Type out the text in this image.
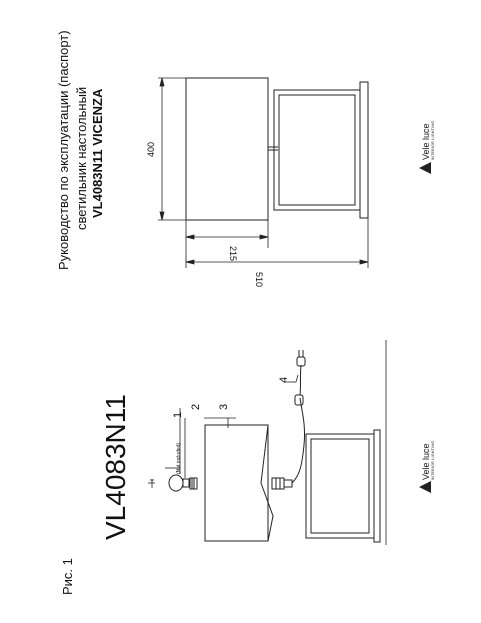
Руководство по эксплуатации (паспорт) светильник настольный VL4083N11 VICENZA
Рис. 1
VL4083N11	1
2 3
4
(Not included)
400
215
510
Vele luce INTERIOR LIGHTING
Vele luce INTERIOR LIGHTING
